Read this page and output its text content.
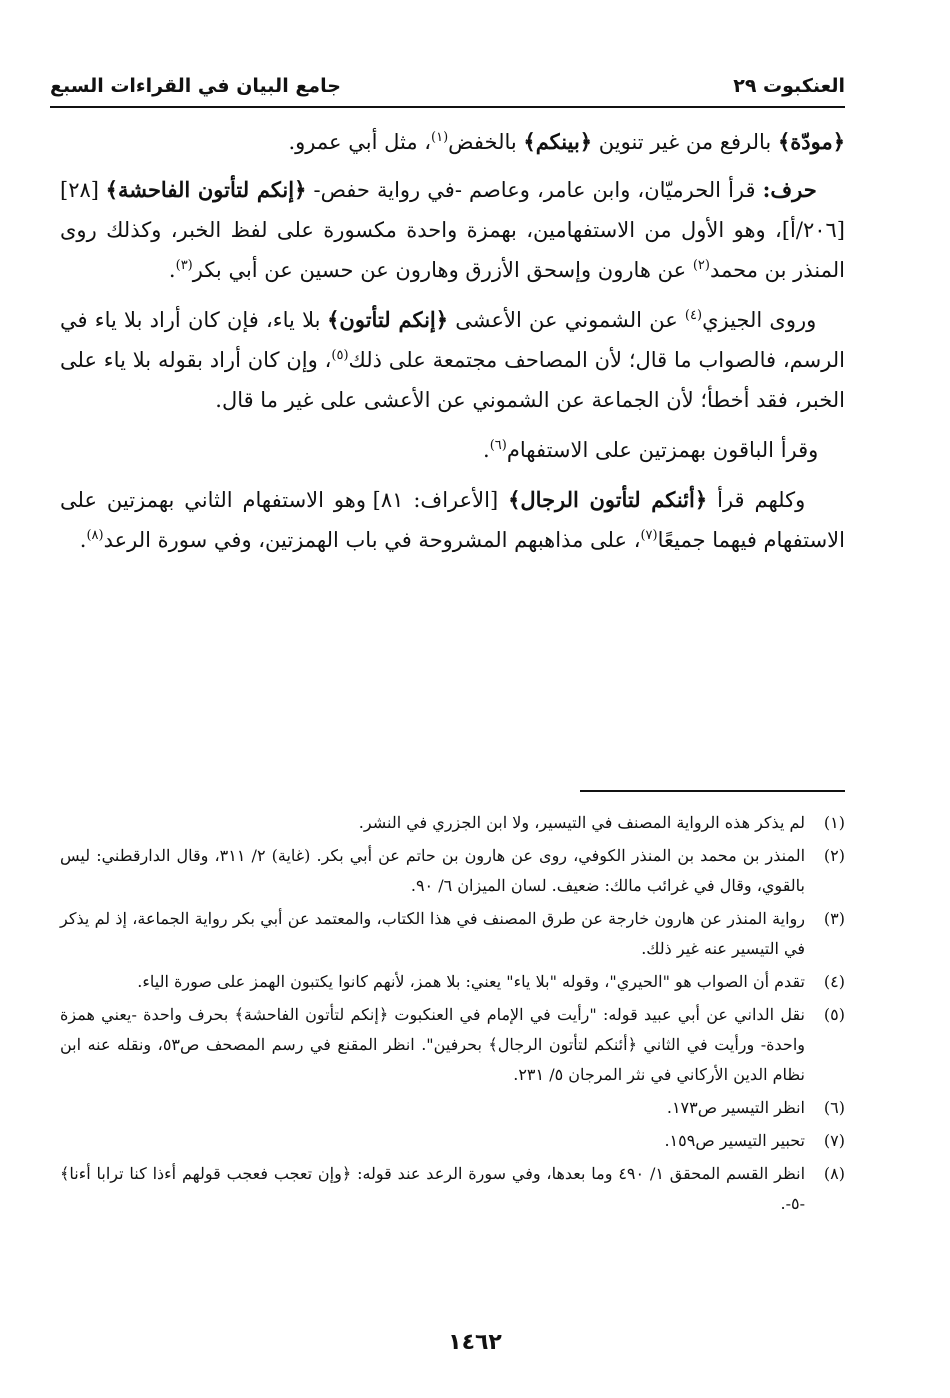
جامع البيان في القراءات السبع	العنكبوت ٢٩

﴿مودّة﴾ بالرفع من غير تنوين ﴿بينكم﴾ بالخفض$^{(١)}$، مثل أبي عمرو.

حرف: قرأ الحرميّان، وابن عامر، وعاصم -في رواية حفص- ﴿إنكم لتأتون الفاحشة﴾ [٢٨] [٢٠٦/أ]، وهو الأول من الاستفهامين، بهمزة واحدة مكسورة على لفظ الخبر، وكذلك روى المنذر بن محمد$^{(٢)}$ عن هارون وإسحق الأزرق وهارون عن حسين عن أبي بكر$^{(٣)}$.

وروى الجيزي$^{(٤)}$ عن الشموني عن الأعشى ﴿إنكم لتأتون﴾ بلا ياء، فإن كان أراد بلا ياء في الرسم، فالصواب ما قال؛ لأن المصاحف مجتمعة على ذلك$^{(٥)}$، وإن كان أراد بقوله بلا ياء على الخبر، فقد أخطأ؛ لأن الجماعة عن الشموني عن الأعشى على غير ما قال.

وقرأ الباقون بهمزتين على الاستفهام$^{(٦)}$.

وكلهم قرأ ﴿أئنكم لتأتون الرجال﴾ [الأعراف: ٨١] وهو الاستفهام الثاني بهمزتين على الاستفهام فيهما جميعًا$^{(٧)}$، على مذاهبهم المشروحة في باب الهمزتين، وفي سورة الرعد$^{(٨)}$.

(١)
لم يذكر هذه الرواية المصنف في التيسير، ولا ابن الجزري في النشر.
(٢)
المنذر بن محمد بن المنذر الكوفي، روى عن هارون بن حاتم عن أبي بكر. (غاية) ٢/ ٣١١، وقال الدارقطني: ليس بالقوي، وقال في غرائب مالك: ضعيف. لسان الميزان ٦/ ٩٠.
(٣)
رواية المنذر عن هارون خارجة عن طرق المصنف في هذا الكتاب، والمعتمد عن أبي بكر رواية الجماعة، إذ لم يذكر في التيسير عنه غير ذلك.
(٤)
تقدم أن الصواب هو "الحيري"، وقوله "بلا ياء" يعني: بلا همز، لأنهم كانوا يكتبون الهمز على صورة الياء.
(٥)
نقل الداني عن أبي عبيد قوله: "رأيت في الإمام في العنكبوت ﴿إنكم لتأتون الفاحشة﴾ بحرف واحدة -يعني همزة واحدة- ورأيت في الثاني ﴿أئنكم لتأتون الرجال﴾ بحرفين". انظر المقنع في رسم المصحف ص٥٣، ونقله عنه ابن نظام الدين الأركاني في نثر المرجان ٥/ ٢٣١.
(٦)
انظر التيسير ص١٧٣.
(٧)
تحبير التيسير ص١٥٩.
(٨)
انظر القسم المحقق ١/ ٤٩٠ وما بعدها، وفي سورة الرعد عند قوله: ﴿وإن تعجب فعجب قولهم أءذا كنا ترابا أءنا﴾ -٥-.
١٤٦٢
